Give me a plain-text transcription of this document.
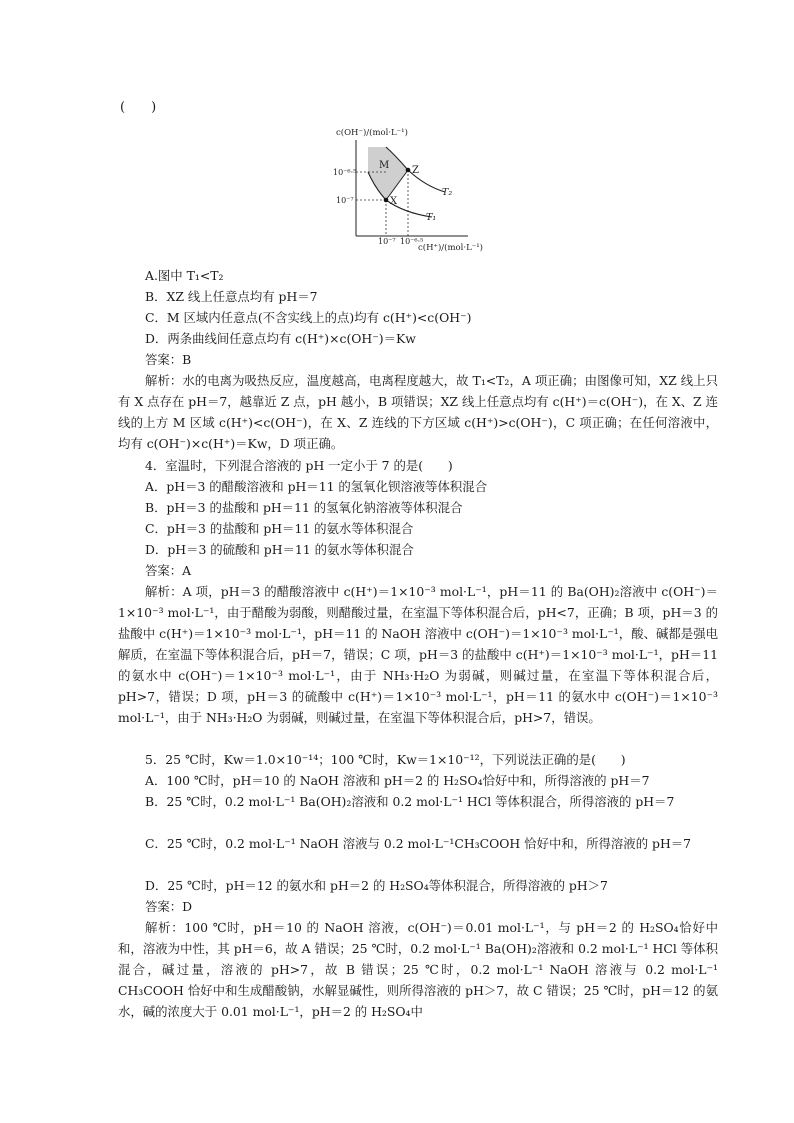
(　　)
c(OH⁻)/(mol·L⁻¹)
M Z
X
T₂
T₁
10⁻⁶·⁵
10⁻⁷
10⁻⁷ 10⁻⁶·⁵
c(H⁺)/(mol·L⁻¹)
A.图中 T₁<T₂
B．XZ 线上任意点均有 pH＝7
C．M 区域内任意点(不含实线上的点)均有 c(H⁺)<c(OH⁻)
D．两条曲线间任意点均有 c(H⁺)×c(OH⁻)＝Kw
答案：B
解析：水的电离为吸热反应，温度越高，电离程度越大，故 T₁<T₂，A 项正确；由图像可知，XZ 线上只有 X 点存在 pH＝7，越靠近 Z 点，pH 越小，B 项错误；XZ 线上任意点均有 c(H⁺)＝c(OH⁻)，在 X、Z 连线的上方 M 区域 c(H⁺)<c(OH⁻)，在 X、Z 连线的下方区域 c(H⁺)>c(OH⁻)，C 项正确；在任何溶液中，均有 c(OH⁻)×c(H⁺)＝Kw，D 项正确。
4．室温时，下列混合溶液的 pH 一定小于 7 的是(　　)
A．pH＝3 的醋酸溶液和 pH＝11 的氢氧化钡溶液等体积混合
B．pH＝3 的盐酸和 pH＝11 的氢氧化钠溶液等体积混合
C．pH＝3 的盐酸和 pH＝11 的氨水等体积混合
D．pH＝3 的硫酸和 pH＝11 的氨水等体积混合
答案：A
解析：A 项，pH＝3 的醋酸溶液中 c(H⁺)＝1×10⁻³ mol·L⁻¹，pH＝11 的 Ba(OH)₂溶液中 c(OH⁻)＝1×10⁻³ mol·L⁻¹，由于醋酸为弱酸，则醋酸过量，在室温下等体积混合后，pH<7，正确；B 项，pH＝3 的盐酸中 c(H⁺)＝1×10⁻³ mol·L⁻¹，pH＝11 的 NaOH 溶液中 c(OH⁻)＝1×10⁻³ mol·L⁻¹，酸、碱都是强电解质，在室温下等体积混合后，pH＝7，错误；C 项，pH＝3 的盐酸中 c(H⁺)＝1×10⁻³ mol·L⁻¹，pH＝11 的氨水中 c(OH⁻)＝1×10⁻³ mol·L⁻¹，由于 NH₃·H₂O 为弱碱，则碱过量，在室温下等体积混合后，pH>7，错误；D 项，pH＝3 的硫酸中 c(H⁺)＝1×10⁻³ mol·L⁻¹，pH＝11 的氨水中 c(OH⁻)＝1×10⁻³ mol·L⁻¹，由于 NH₃·H₂O 为弱碱，则碱过量，在室温下等体积混合后，pH>7，错误。
5．25 ℃时，Kw＝1.0×10⁻¹⁴；100 ℃时，Kw＝1×10⁻¹²，下列说法正确的是(　　)
A．100 ℃时，pH＝10 的 NaOH 溶液和 pH＝2 的 H₂SO₄恰好中和，所得溶液的 pH＝7
B．25 ℃时，0.2 mol·L⁻¹ Ba(OH)₂溶液和 0.2 mol·L⁻¹ HCl 等体积混合，所得溶液的 pH＝7
C．25 ℃时，0.2 mol·L⁻¹ NaOH 溶液与 0.2 mol·L⁻¹CH₃COOH 恰好中和，所得溶液的 pH＝7
D．25 ℃时，pH＝12 的氨水和 pH＝2 的 H₂SO₄等体积混合，所得溶液的 pH＞7
答案：D
解析：100 ℃时，pH＝10 的 NaOH 溶液，c(OH⁻)＝0.01 mol·L⁻¹，与 pH＝2 的 H₂SO₄恰好中和，溶液为中性，其 pH＝6，故 A 错误；25 ℃时，0.2 mol·L⁻¹ Ba(OH)₂溶液和 0.2 mol·L⁻¹ HCl 等体积混合，碱过量，溶液的 pH>7，故 B 错误；25 ℃时，0.2 mol·L⁻¹ NaOH 溶液与 0.2 mol·L⁻¹ CH₃COOH 恰好中和生成醋酸钠，水解显碱性，则所得溶液的 pH＞7，故 C 错误；25 ℃时，pH＝12 的氨水，碱的浓度大于 0.01 mol·L⁻¹，pH＝2 的 H₂SO₄中
